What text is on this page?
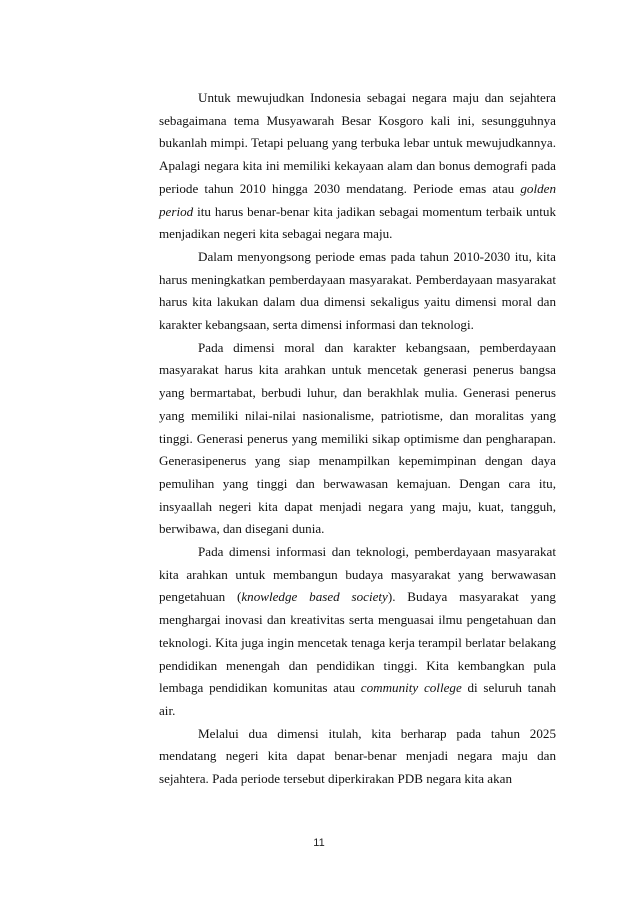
Untuk mewujudkan Indonesia sebagai negara maju dan sejahtera sebagaimana tema Musyawarah Besar Kosgoro kali ini, sesungguhnya bukanlah mimpi. Tetapi peluang yang terbuka lebar untuk mewujudkannya. Apalagi negara kita ini memiliki kekayaan alam dan bonus demografi pada periode tahun 2010 hingga 2030 mendatang. Periode emas atau golden period itu harus benar-benar kita jadikan sebagai momentum terbaik untuk menjadikan negeri kita sebagai negara maju.

Dalam menyongsong periode emas pada tahun 2010-2030 itu, kita harus meningkatkan pemberdayaan masyarakat. Pemberdayaan masyarakat harus kita lakukan dalam dua dimensi sekaligus yaitu dimensi moral dan karakter kebangsaan, serta dimensi informasi dan teknologi.

Pada dimensi moral dan karakter kebangsaan, pemberdayaan masyarakat harus kita arahkan untuk mencetak generasi penerus bangsa yang bermartabat, berbudi luhur, dan berakhlak mulia. Generasi penerus yang memiliki nilai-nilai nasionalisme, patriotisme, dan moralitas yang tinggi. Generasi penerus yang memiliki sikap optimisme dan pengharapan. Generasipenerus yang siap menampilkan kepemimpinan dengan daya pemulihan yang tinggi dan berwawasan kemajuan. Dengan cara itu, insyaallah negeri kita dapat menjadi negara yang maju, kuat, tangguh, berwibawa, dan disegani dunia.

Pada dimensi informasi dan teknologi, pemberdayaan masyarakat kita arahkan untuk membangun budaya masyarakat yang berwawasan pengetahuan (knowledge based society). Budaya masyarakat yang menghargai inovasi dan kreativitas serta menguasai ilmu pengetahuan dan teknologi. Kita juga ingin mencetak tenaga kerja terampil berlatar belakang pendidikan menengah dan pendidikan tinggi. Kita kembangkan pula lembaga pendidikan komunitas atau community college di seluruh tanah air.

Melalui dua dimensi itulah, kita berharap pada tahun 2025 mendatang negeri kita dapat benar-benar menjadi negara maju dan sejahtera. Pada periode tersebut diperkirakan PDB negara kita akan

11
